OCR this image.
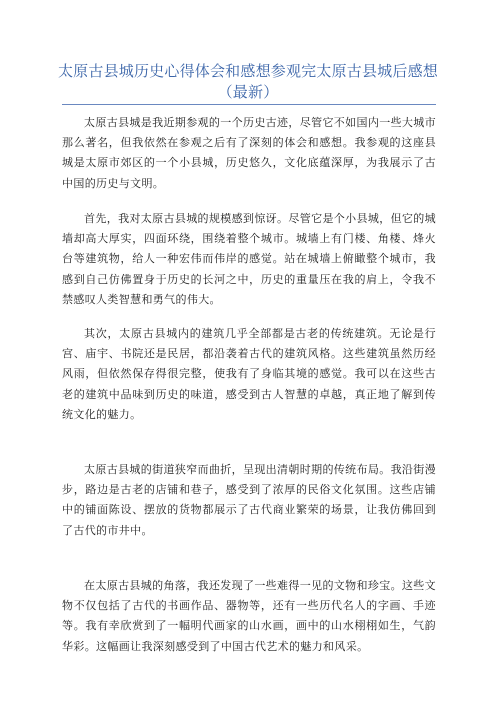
太原古县城历史心得体会和感想参观完太原古县城后感想（最新）

太原古县城是我近期参观的一个历史古迹，尽管它不如国内一些大城市那么著名，但我依然在参观之后有了深刻的体会和感想。我参观的这座县城是太原市郊区的一个小县城，历史悠久，文化底蕴深厚，为我展示了古中国的历史与文明。

首先，我对太原古县城的规模感到惊讶。尽管它是个小县城，但它的城墙却高大厚实，四面环绕，围绕着整个城市。城墙上有门楼、角楼、烽火台等建筑物，给人一种宏伟而伟岸的感觉。站在城墙上俯瞰整个城市，我感到自己仿佛置身于历史的长河之中，历史的重量压在我的肩上，令我不禁感叹人类智慧和勇气的伟大。

其次，太原古县城内的建筑几乎全部都是古老的传统建筑。无论是行宫、庙宇、书院还是民居，都沿袭着古代的建筑风格。这些建筑虽然历经风雨，但依然保存得很完整，使我有了身临其境的感觉。我可以在这些古老的建筑中品味到历史的味道，感受到古人智慧的卓越，真正地了解到传统文化的魅力。

太原古县城的街道狭窄而曲折，呈现出清朝时期的传统布局。我沿街漫步，路边是古老的店铺和巷子，感受到了浓厚的民俗文化氛围。这些店铺中的铺面陈设、摆放的货物都展示了古代商业繁荣的场景，让我仿佛回到了古代的市井中。

在太原古县城的角落，我还发现了一些难得一见的文物和珍宝。这些文物不仅包括了古代的书画作品、器物等，还有一些历代名人的字画、手迹等。我有幸欣赏到了一幅明代画家的山水画，画中的山水栩栩如生，气韵华彩。这幅画让我深刻感受到了中国古代艺术的魅力和风采。
